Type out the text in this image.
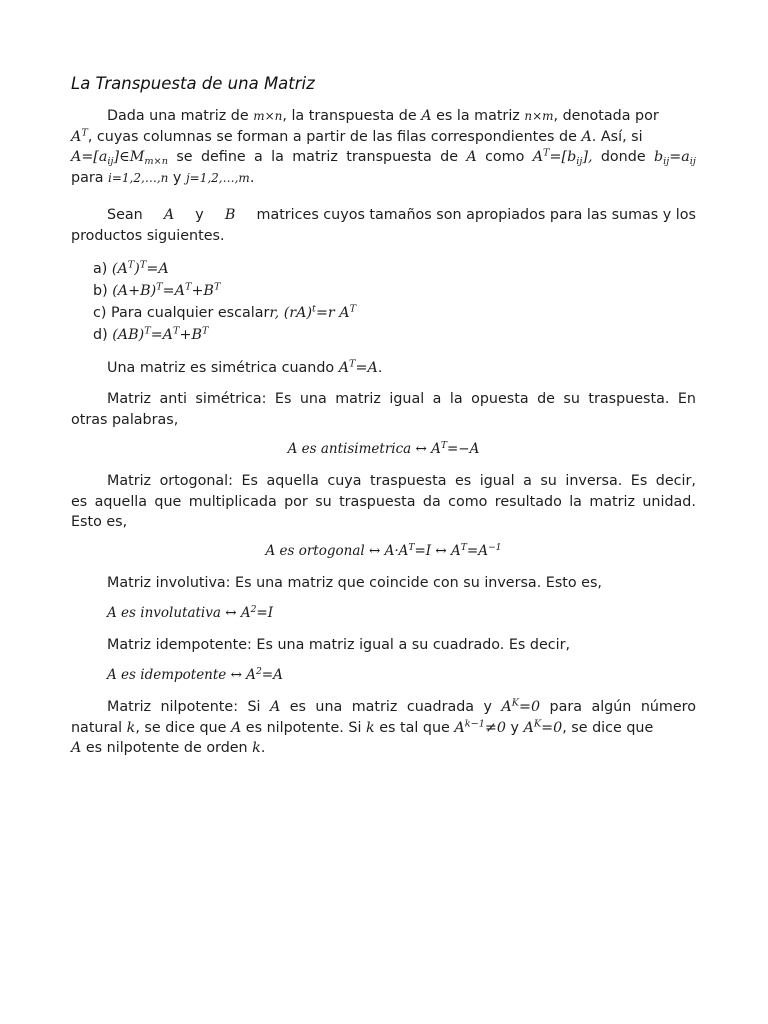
La Transpuesta de una Matriz
Dada una matriz de m×n, la transpuesta de A es la matriz n×m, denotada por
$A^T$, cuyas columnas se forman a partir de las filas correspondientes de A. Así, si
$A=[a_{ij}]\in M_{m\times n}$ se define a la matriz transpuesta de A como $A^T=[b_{ij}]$, donde $b_{ij}=a_{ij}$
para i=1,2,…,n y j=1,2,…,m.
Sean A y B matrices cuyos tamaños son apropiados para las sumas y los
productos siguientes.
a) $(A^T)^T=A$
b) $(A+B)^T=A^T+B^T$
c) Para cualquier escalarr, (rA)$^t$=r $A^T$
d) $(AB)^T=A^T+B^T$
Una matriz es simétrica cuando $A^T=A$.
Matriz anti simétrica: Es una matriz igual a la opuesta de su traspuesta. En
otras palabras,
A es antisimetrica ↔ $A^T=-A$
Matriz ortogonal: Es aquella cuya traspuesta es igual a su inversa. Es decir,
es aquella que multiplicada por su traspuesta da como resultado la matriz unidad.
Esto es,
A es ortogonal ↔ $A\cdot A^T=I$ ↔ $A^T=A^{-1}$
Matriz involutiva: Es una matriz que coincide con su inversa. Esto es,
A es involutativa ↔ $A^2=I$
Matriz idempotente: Es una matriz igual a su cuadrado. Es decir,
A es idempotente ↔ $A^2=A$
Matriz nilpotente: Si A es una matriz cuadrada y $A^K=0$ para algún número
natural k, se dice que A es nilpotente. Si k es tal que $A^{k-1}\ne 0$ y $A^K=0$, se dice que
A es nilpotente de orden k.
